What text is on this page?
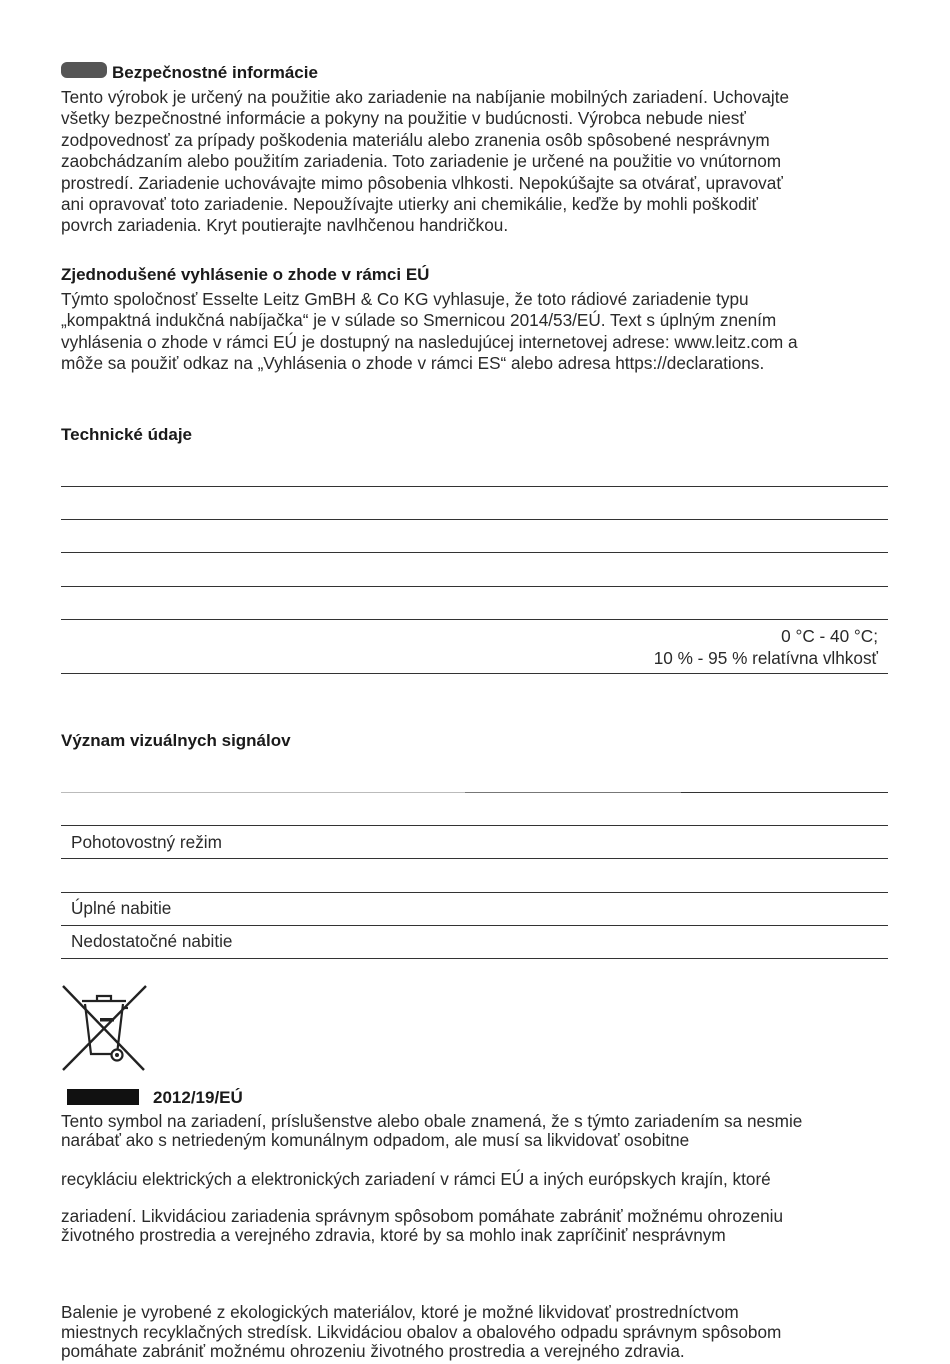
Bezpečnostné informácie
Tento výrobok je určený na použitie ako zariadenie na nabíjanie mobilných zariadení. Uchovajte
všetky bezpečnostné informácie a pokyny na použitie v budúcnosti. Výrobca nebude niesť
zodpovednosť za prípady poškodenia materiálu alebo zranenia osôb spôsobené nesprávnym
zaobchádzaním alebo použitím zariadenia. Toto zariadenie je určené na použitie vo vnútornom
prostredí. Zariadenie uchovávajte mimo pôsobenia vlhkosti. Nepokúšajte sa otvárať, upravovať
ani opravovať toto zariadenie. Nepoužívajte utierky ani chemikálie, keďže by mohli poškodiť
povrch zariadenia. Kryt poutierajte navlhčenou handričkou.
Zjednodušené vyhlásenie o zhode v rámci EÚ
Týmto spoločnosť Esselte Leitz GmBH & Co KG vyhlasuje, že toto rádiové zariadenie typu
„kompaktná indukčná nabíjačka“ je v súlade so Smernicou 2014/53/EÚ. Text s úplným znením
vyhlásenia o zhode v rámci EÚ je dostupný na nasledujúcej internetovej adrese: www.leitz.com a
môže sa použiť odkaz na „Vyhlásenia o zhode v rámci ES“ alebo adresa https://declarations.
Technické údaje
0 °C - 40 °C;
10 % - 95 % relatívna vlhkosť
Význam vizuálnych signálov
Pohotovostný režim
Úplné nabitie
Nedostatočné nabitie
2012/19/EÚ
Tento symbol na zariadení, príslušenstve alebo obale znamená, že s týmto zariadením sa nesmie
narábať ako s netriedeným komunálnym odpadom, ale musí sa likvidovať osobitne
recykláciu elektrických a elektronických zariadení v rámci EÚ a iných európskych krajín, ktoré
zariadení. Likvidáciou zariadenia správnym spôsobom pomáhate zabrániť možnému ohrozeniu
životného prostredia a verejného zdravia, ktoré by sa mohlo inak zapríčiniť nesprávnym
Balenie je vyrobené z ekologických materiálov, ktoré je možné likvidovať prostredníctvom
miestnych recyklačných stredísk. Likvidáciou obalov a obalového odpadu správnym spôsobom
pomáhate zabrániť možnému ohrozeniu životného prostredia a verejného zdravia.
